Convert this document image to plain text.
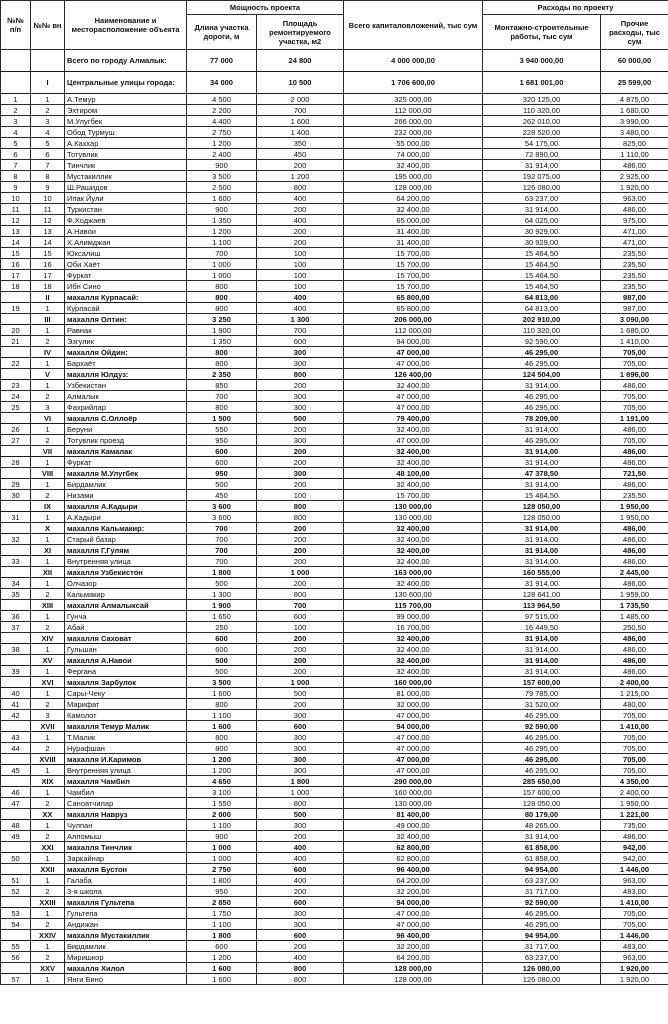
№№ п/п	№№ вн	Наименование и месторасположение объекта	Мощность проекта		Всего капиталовложений, тыс сум	Расходы по проекту	
			Длина участка дороги, м	Площадь ремонтируемого участка, м2		Монтажно-строительные работы, тыс сум	Прочие расходы, тыс сум
		Всего по городу Алмалык:	77 000	24 800	4 000 000,00	3 940 000,00	60 000,00
	I	Центральные улицы города:	34 000	10 500	1 706 600,00	1 681 001,00	25 599,00
1	1	А.Темур	4 500	2 000	325 000,00	320 125,00	4 875,00
2	2	Эхтиром	2 200	700	112 000,00	110 320,00	1 680,00
3	3	М.Улугбек	4 400	1 600	266 000,00	262 010,00	3 990,00
4	4	Обод Турмуш	2 750	1 400	232 000,00	228 520,00	3 480,00
5	5	А.Каххар	1 200	350	55 000,00	54 175,00	825,00
6	6	Тотувлик	2 400	450	74 000,00	72 890,00	1 110,00
7	7	Тинчлик	900	200	32 400,00	31 914,00	486,00
8	8	Мустакиллик	3 500	1 200	195 000,00	192 075,00	2 925,00
9	9	Ш.Рашидов	2 500	800	128 000,00	126 080,00	1 920,00
10	10	Ипак Йули	1 600	400	64 200,00	63 237,00	963,00
11	11	Туркистан	900	200	32 400,00	31 914,00	486,00
12	12	Ф.Ходжаев	1 350	400	65 000,00	64 025,00	975,00
13	13	А.Навои	1 200	200	31 400,00	30 929,00	471,00
14	14	Х.Алимджан	1 100	200	31 400,00	30 929,00	471,00
15	15	Юксалиш	700	100	15 700,00	15 464,50	235,50
16	16	Оби Хаёт	1 000	100	15 700,00	15 464,50	235,50
17	17	Фуркат	1 000	100	15 700,00	15 464,50	235,50
18	18	Ибн Сино	800	100	15 700,00	15 464,50	235,50
	II	махалля Курпасай:	800	400	65 800,00	64 813,00	987,00
19	1	Курпасай	800	400	65 800,00	64 813,00	987,00
	III	махалля Олтин:	3 250	1 300	206 000,00	202 910,00	3 090,00
20	1	Равнак	1 900	700	112 000,00	110 320,00	1 680,00
21	2	Эзгулик	1 350	600	94 000,00	92 590,00	1 410,00
	IV	махалля Ойдин:	800	300	47 000,00	46 295,00	705,00
22	1	Бархаёт	800	300	47 000,00	46 295,00	705,00
	V	махалля Юлдуз:	2 350	800	126 400,00	124 504,00	1 896,00
23	1	Узбекистан	850	200	32 400,00	31 914,00	486,00
24	2	Алмалык	700	300	47 000,00	46 295,00	705,00
25	3	Фахрийлар	800	300	47 000,00	46 295,00	705,00
	VI	махалля С.Оллоёр	1 500	500	79 400,00	78 209,00	1 191,00
26	1	Беруни	550	200	32 400,00	31 914,00	486,00
27	2	Тотувлик проезд	950	300	47 000,00	46 295,00	705,00
	VII	махалля Камалак	600	200	32 400,00	31 914,00	486,00
28	1	Фуркат	600	200	32 400,00	31 914,00	486,00
	VIII	махалля М.Улугбек	950	300	48 100,00	47 378,50	721,50
29	1	Бирдамлик	500	200	32 400,00	31 914,00	486,00
30	2	Низами	450	100	15 700,00	15 464,50	235,50
	IX	махалля А.Кадыри	3 600	800	130 000,00	128 050,00	1 950,00
31	1	А.Кадыри	3 600	800	130 000,00	128 050,00	1 950,00
	X	махалля Кальмакир:	700	200	32 400,00	31 914,00	486,00
32	1	Старый базар	700	200	32 400,00	31 914,00	486,00
	XI	махалля Г.Гулям	700	200	32 400,00	31 914,00	486,00
33	1	Внутренняя улица	700	200	32 400,00	31 914,00	486,00
	XII	махалля Узбекистон	1 800	1 000	163 000,00	160 555,00	2 445,00
34	1	Олчазор	500	200	32 400,00	31 914,00	486,00
35	2	Кальмакир	1 300	800	130 600,00	128 641,00	1 959,00
	XIII	махалля Алмалыксай	1 900	700	115 700,00	113 964,50	1 735,50
36	1	Гунча	1 650	600	99 000,00	97 515,00	1 485,00
37	2	Абай	250	100	16 700,00	16 449,50	250,50
	XIV	махалля Саховат	600	200	32 400,00	31 914,00	486,00
38	1	Гульшан	600	200	32 400,00	31 914,00	486,00
	XV	махалля А.Навои	500	200	32 400,00	31 914,00	486,00
39	1	Фергана	500	200	32 400,00	31 914,00	486,00
	XVI	махалля Зарбулок	3 500	1 000	160 000,00	157 600,00	2 400,00
40	1	Сары-Чеку	1 600	500	81 000,00	79 785,00	1 215,00
41	2	Марифат	800	200	32 000,00	31 520,00	480,00
42	3	Камолот	1 100	300	47 000,00	46 295,00	705,00
	XVII	махалля Темур Малик	1 600	600	94 000,00	92 590,00	1 410,00
43	1	Т.Малик	800	300	47 000,00	46 295,00	705,00
44	2	Нурафшан	800	300	47 000,00	46 295,00	705,00
	XVIII	махалля И.Каримов	1 200	300	47 000,00	46 295,00	705,00
45	1	Внутренняя улица	1 200	300	47 000,00	46 295,00	705,00
	XIX	махалля Чамбил	4 650	1 800	290 000,00	285 650,00	4 350,00
46	1	Чамбил	3 100	1 000	160 000,00	157 600,00	2 400,00
47	2	Саноатчилар	1 550	800	130 000,00	128 050,00	1 950,00
	XX	махалля Навруз	2 000	500	81 400,00	80 179,00	1 221,00
48	1	Чулпан	1 100	300	49 000,00	48 265,00	735,00
49	2	Алпомыш	900	200	32 400,00	31 914,00	486,00
	XXI	махалля Тинчлик	1 000	400	62 800,00	61 858,00	942,00
50	1	Заркайнар	1 000	400	62 800,00	61 858,00	942,00
	XXII	махалля Бустон	2 750	600	96 400,00	94 954,00	1 446,00
51	1	Галаба	1 800	400	64 200,00	63 237,00	963,00
52	2	3-я школа	950	200	32 200,00	31 717,00	483,00
	XXIII	махалля Гультепа	2 850	600	94 000,00	92 590,00	1 410,00
53	1	Гультепа	1 750	300	47 000,00	46 295,00	705,00
54	2	Андижан	1 100	300	47 000,00	46 295,00	705,00
	XXIV	махалля Мустакиллик	1 800	600	96 400,00	94 954,00	1 446,00
55	1	Бирдамлик	600	200	32 200,00	31 717,00	483,00
56	2	Миришкор	1 200	400	64 200,00	63 237,00	963,00
	XXV	махалля Хилол	1 600	800	128 000,00	126 080,00	1 920,00
57	1	Янги Бино	1 600	800	128 000,00	126 080,00	1 920,00
